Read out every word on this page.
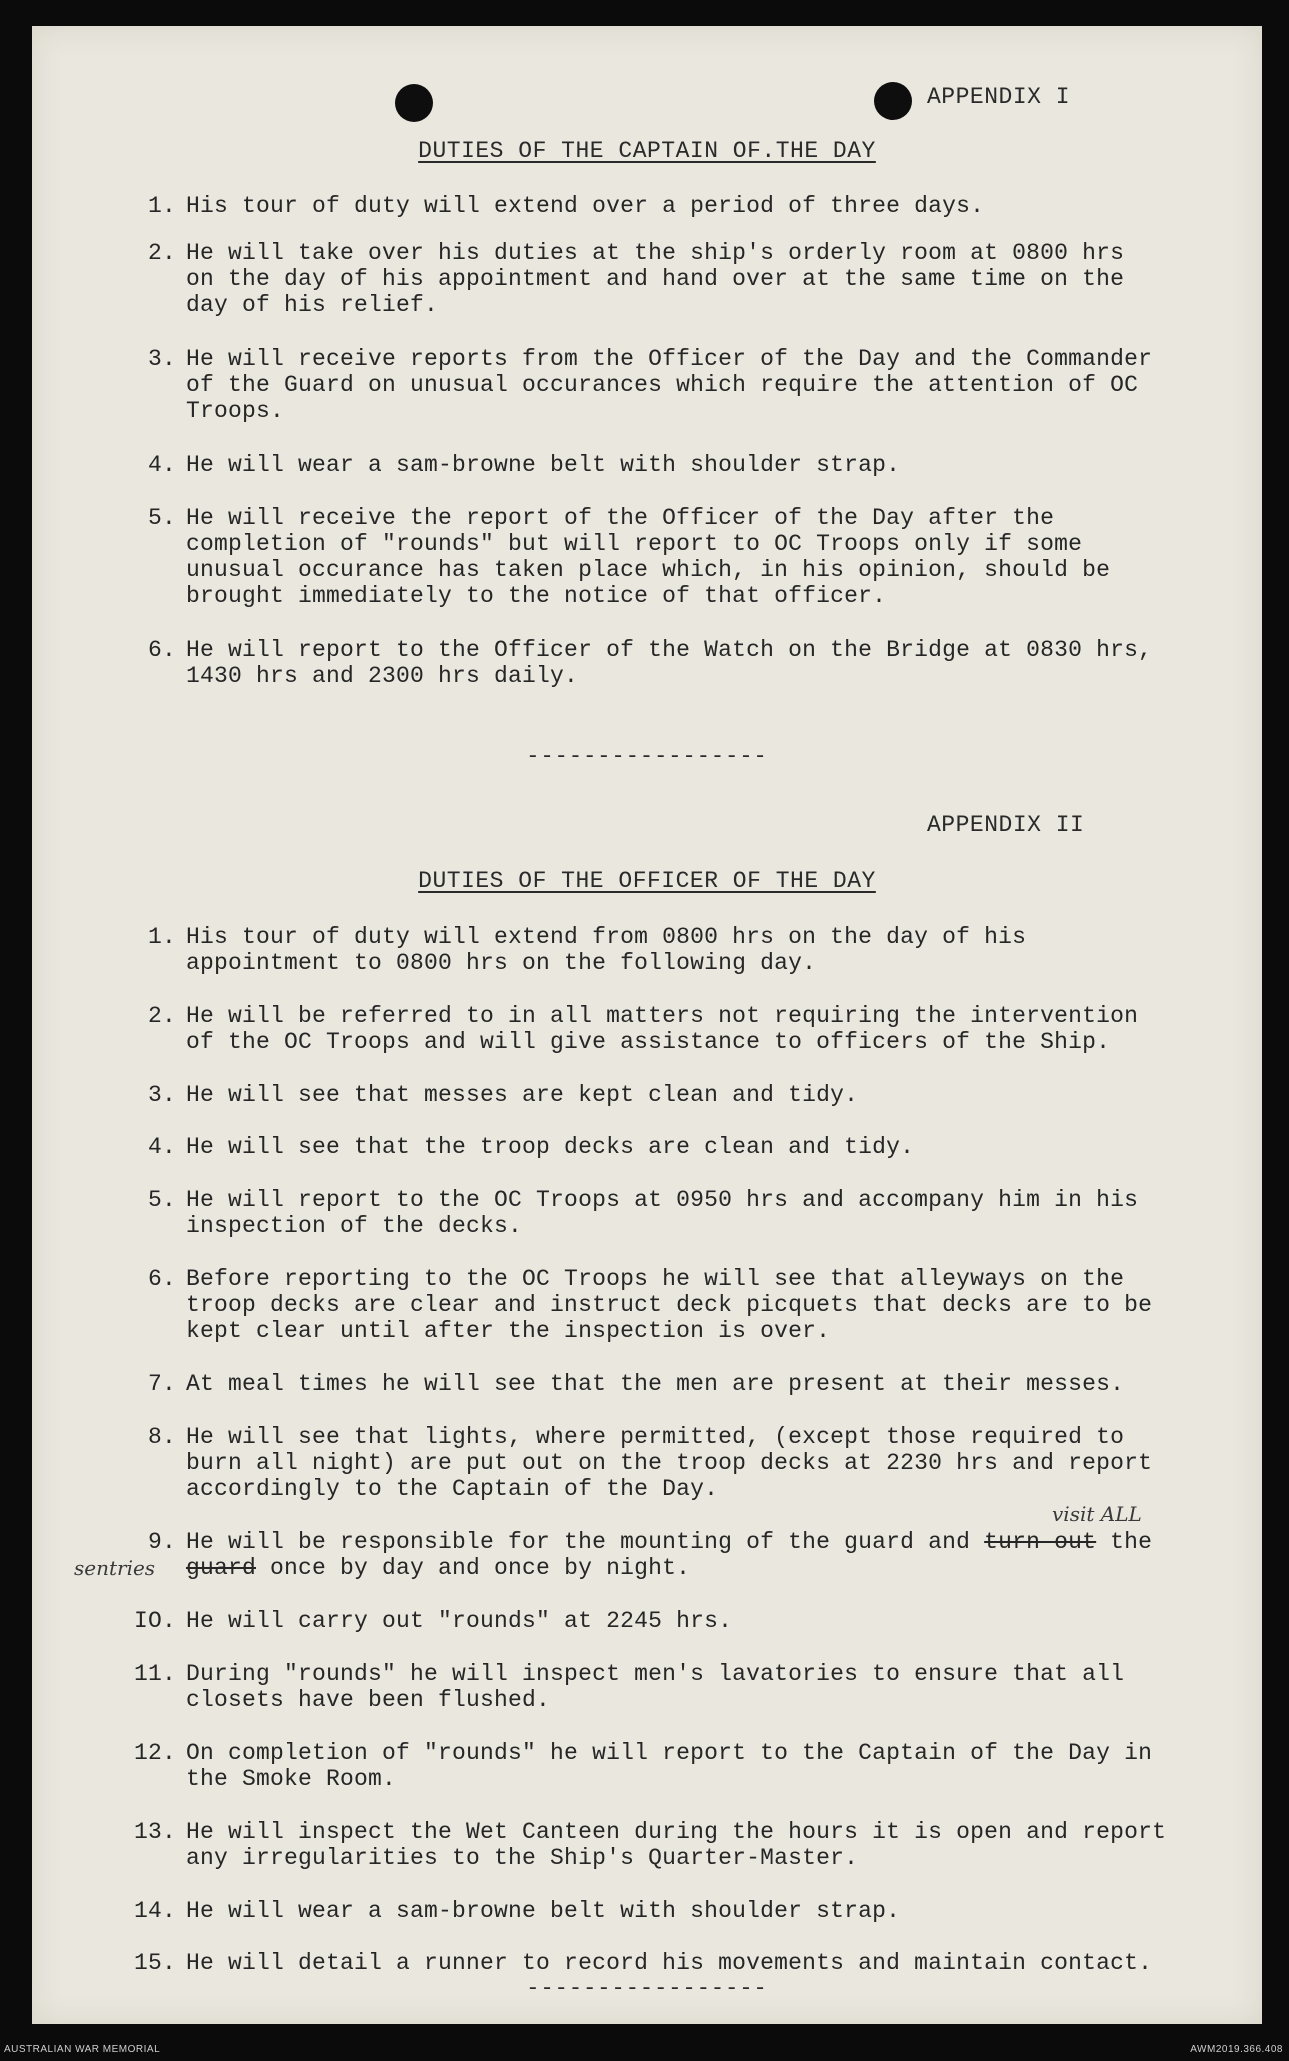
APPENDIX I
DUTIES OF THE CAPTAIN OF.THE DAY
1. His tour of duty will extend over a period of three days.
2. He will take over his duties at the ship's orderly room at 0800 hrs
on the day of his appointment and hand over at the same time on the
day of his relief.
3. He will receive reports from the Officer of the Day and the Commander
of the Guard on unusual occurances which require the attention of OC
Troops.
4. He will wear a sam-browne belt with shoulder strap.
5. He will receive the report of the Officer of the Day after the
completion of "rounds" but will report to OC Troops only if some
unusual occurance has taken place which, in his opinion, should be
brought immediately to the notice of that officer.
6. He will report to the Officer of the Watch on the Bridge at 0830 hrs,
1430 hrs and 2300 hrs daily.
-----------------
APPENDIX II
DUTIES OF THE OFFICER OF THE DAY
1. His tour of duty will extend from 0800 hrs on the day of his
appointment to 0800 hrs on the following day.
2. He will be referred to in all matters not requiring the intervention
of the OC Troops and will give assistance to officers of the Ship.
3. He will see that messes are kept clean and tidy.
4. He will see that the troop decks are clean and tidy.
5. He will report to the OC Troops at 0950 hrs and accompany him in his
inspection of the decks.
6. Before reporting to the OC Troops he will see that alleyways on the
troop decks are clear and instruct deck picquets that decks are to be
kept clear until after the inspection is over.
7. At meal times he will see that the men are present at their messes.
8. He will see that lights, where permitted, (except those required to
burn all night) are put out on the troop decks at 2230 hrs and report
accordingly to the Captain of the Day.
visit ALL
9. He will be responsible for the mounting of the guard and turn out the
guard once by day and once by night.
sentries
IO. He will carry out "rounds" at 2245 hrs.
11. During "rounds" he will inspect men's lavatories to ensure that all
closets have been flushed.
12. On completion of "rounds" he will report to the Captain of the Day in
the Smoke Room.
13. He will inspect the Wet Canteen during the hours it is open and report
any irregularities to the Ship's Quarter-Master.
14. He will wear a sam-browne belt with shoulder strap.
15. He will detail a runner to record his movements and maintain contact.
-----------------
AUSTRALIAN WAR MEMORIAL	AWM2019.366.408
